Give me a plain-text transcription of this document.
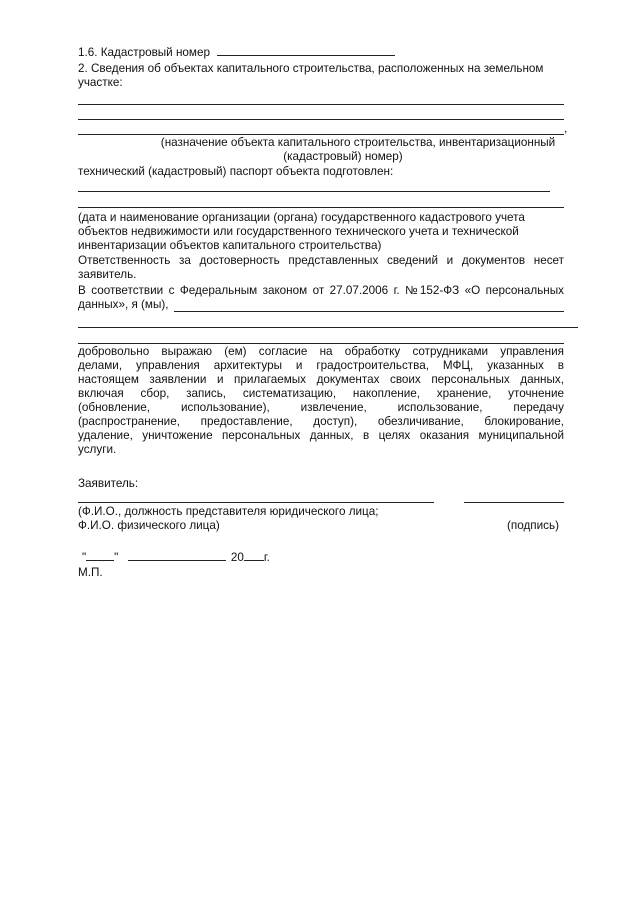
1.6. Кадастровый номер
2. Сведения об объектах капитального строительства, расположенных на земельном
участке:
,
(назначение объекта капитального строительства, инвентаризационный
(кадастровый) номер)
технический (кадастровый) паспорт объекта подготовлен:
(дата и наименование организации (органа) государственного кадастрового учета
объектов недвижимости или государственного технического учета и технической
инвентаризации объектов капитального строительства)
Ответственность за достоверность представленных сведений и документов несет
заявитель.
В соответствии с Федеральным законом от 27.07.2006 г. №152-ФЗ «О персональных
данных», я (мы),
добровольно выражаю (ем) согласие на обработку сотрудниками управления
делами, управления архитектуры и градостроительства, МФЦ, указанных в
настоящем заявлении и прилагаемых документах своих персональных данных,
включая сбор, запись, систематизацию, накопление, хранение, уточнение
(обновление, использование), извлечение, использование, передачу
(распространение, предоставление, доступ), обезличивание, блокирование,
удаление, уничтожение персональных данных, в целях оказания муниципальной
услуги.
Заявитель:
(Ф.И.О., должность представителя юридического лица;
Ф.И.О. физического лица)	(подпись)
" "	20 г.
М.П.
